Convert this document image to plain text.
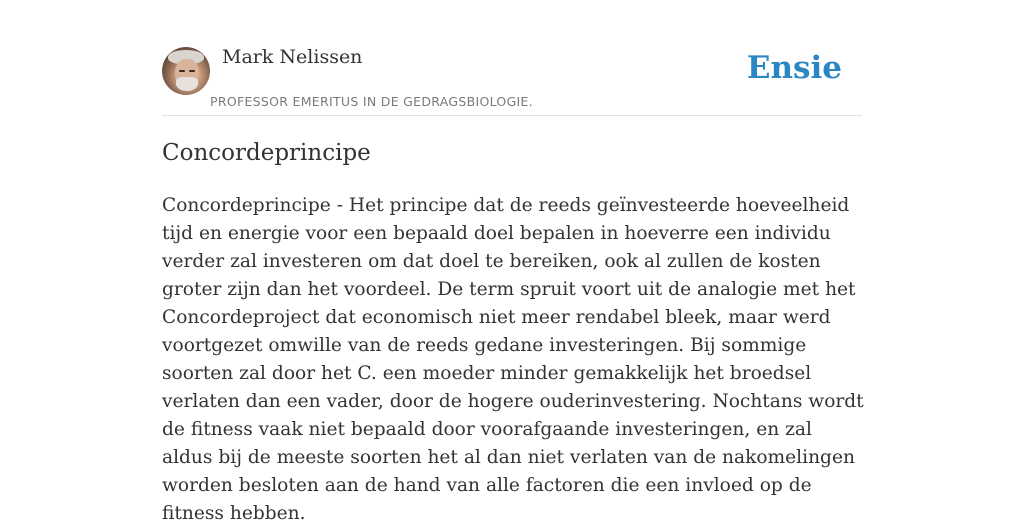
Mark Nelissen
PROFESSOR EMERITUS IN DE GEDRAGSBIOLOGIE.
Ensie
Concordeprincipe

Concordeprincipe - Het principe dat de reeds geïnvesteerde hoeveelheid tijd en energie voor een bepaald doel bepalen in hoeverre een individu verder zal investeren om dat doel te bereiken, ook al zullen de kosten groter zijn dan het voordeel. De term spruit voort uit de analogie met het Concordeproject dat economisch niet meer rendabel bleek, maar werd voortgezet omwille van de reeds gedane investeringen. Bij sommige soorten zal door het C. een moeder minder gemakkelijk het broedsel verlaten dan een vader, door de hogere ouderinvestering. Nochtans wordt de fitness vaak niet bepaald door voorafgaande investeringen, en zal aldus bij de meeste soorten het al dan niet verlaten van de nakomelingen worden besloten aan de hand van alle factoren die een invloed op de fitness hebben.
